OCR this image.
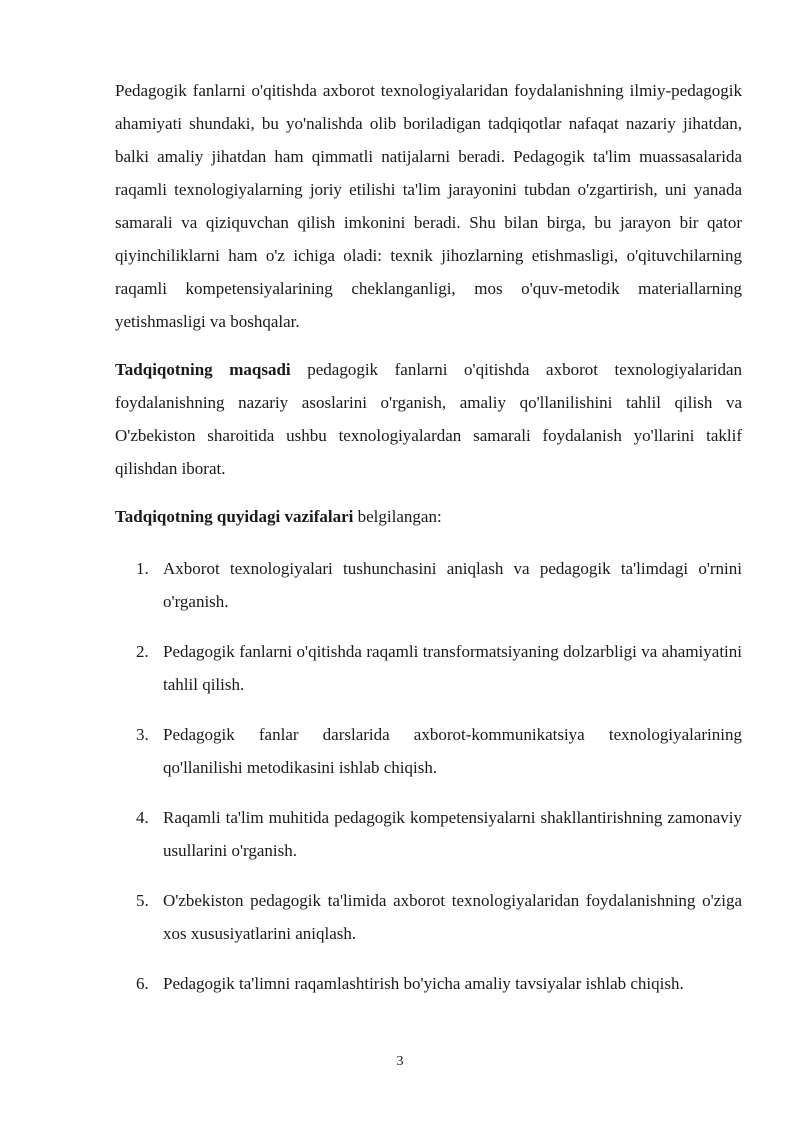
Pedagogik fanlarni o'qitishda axborot texnologiyalaridan foydalanishning ilmiy-pedagogik ahamiyati shundaki, bu yo'nalishda olib boriladigan tadqiqotlar nafaqat nazariy jihatdan, balki amaliy jihatdan ham qimmatli natijalarni beradi. Pedagogik ta'lim muassasalarida raqamli texnologiyalarning joriy etilishi ta'lim jarayonini tubdan o'zgartirish, uni yanada samarali va qiziquvchan qilish imkonini beradi. Shu bilan birga, bu jarayon bir qator qiyinchiliklarni ham o'z ichiga oladi: texnik jihozlarning etishmasligi, o'qituvchilarning raqamli kompetensiyalarining cheklanganligi, mos o'quv-metodik materiallarning yetishmasligi va boshqalar.

Tadqiqotning maqsadi pedagogik fanlarni o'qitishda axborot texnologiyalaridan foydalanishning nazariy asoslarini o'rganish, amaliy qo'llanilishini tahlil qilish va O'zbekiston sharoitida ushbu texnologiyalardan samarali foydalanish yo'llarini taklif qilishdan iborat.

Tadqiqotning quyidagi vazifalari belgilangan:

1. Axborot texnologiyalari tushunchasini aniqlash va pedagogik ta'limdagi o'rnini o'rganish.
2. Pedagogik fanlarni o'qitishda raqamli transformatsiyaning dolzarbligi va ahamiyatini tahlil qilish.
3. Pedagogik fanlar darslarida axborot-kommunikatsiya texnologiyalarining qo'llanilishi metodikasini ishlab chiqish.
4. Raqamli ta'lim muhitida pedagogik kompetensiyalarni shakllantirishning zamonaviy usullarini o'rganish.
5. O'zbekiston pedagogik ta'limida axborot texnologiyalaridan foydalanishning o'ziga xos xususiyatlarini aniqlash.
6. Pedagogik ta'limni raqamlashtirish bo'yicha amaliy tavsiyalar ishlab chiqish.
3
